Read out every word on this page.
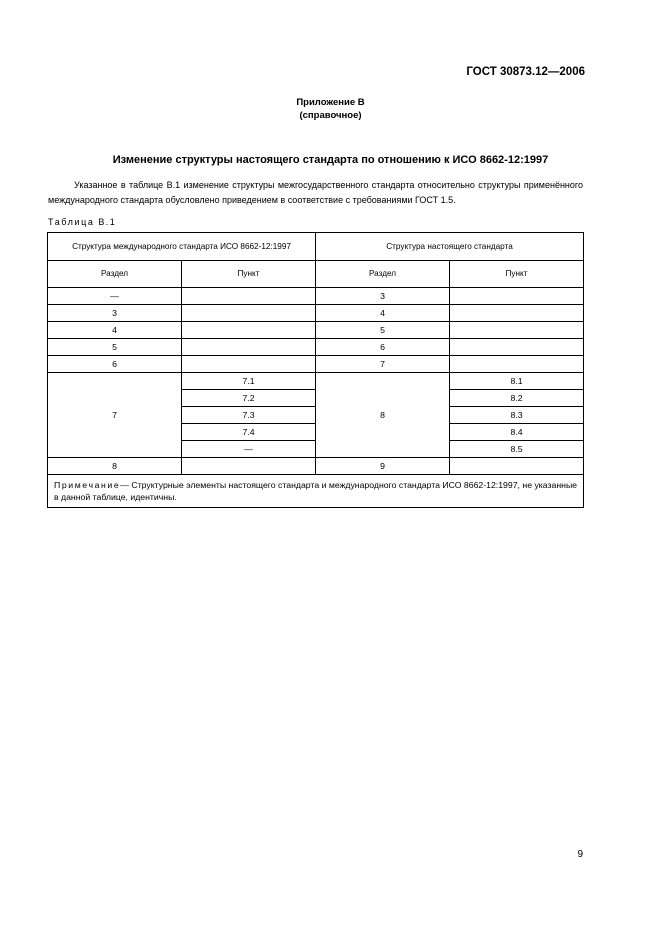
ГОСТ 30873.12—2006
Приложение В
(справочное)
Изменение структуры настоящего стандарта по отношению к ИСО 8662-12:1997
Указанное в таблице В.1 изменение структуры межгосударственного стандарта относительно структуры применённого международного стандарта обусловлено приведением в соответствие с требованиями ГОСТ 1.5.
Таблица В.1
Структура международного стандарта ИСО 8662-12:1997		Структура настоящего стандарта	
Раздел	Пункт	Раздел	Пункт
—		3	
3		4	
4		5	
5		6	
6		7	
7	7.1	8	8.1
	7.2		8.2
	7.3		8.3
	7.4		8.4
	—		8.5
8		9	
Примечание— Структурные элементы настоящего стандарта и международного стандарта ИСО 8662-12:1997, не указанные в данной таблице, идентичны.			
9
